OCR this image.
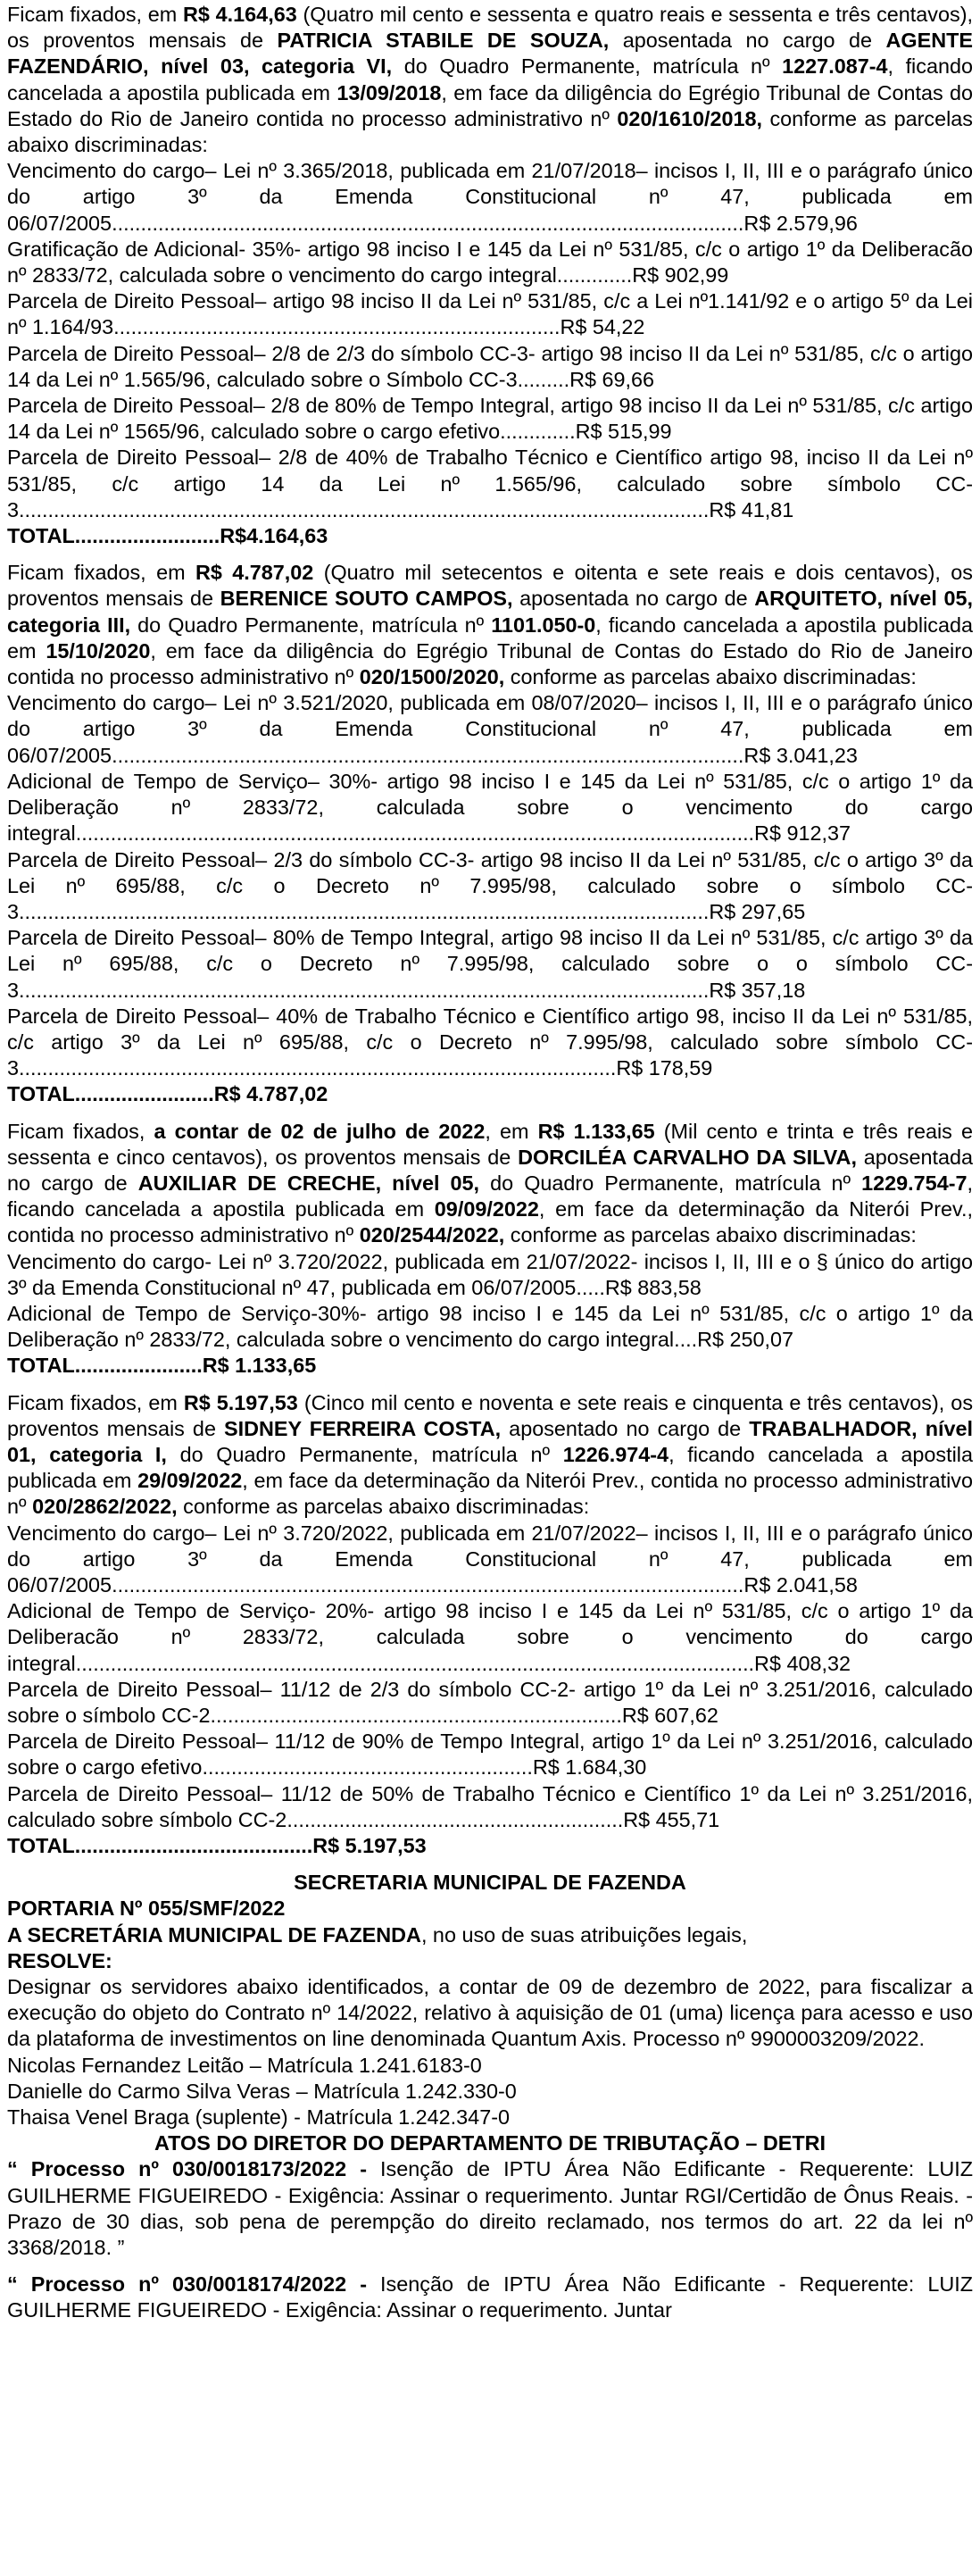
Ficam fixados, em R$ 4.164,63 (Quatro mil cento e sessenta e quatro reais e sessenta e três centavos), os proventos mensais de PATRICIA STABILE DE SOUZA, aposentada no cargo de AGENTE FAZENDÁRIO, nível 03, categoria VI, do Quadro Permanente, matrícula nº 1227.087-4, ficando cancelada a apostila publicada em 13/09/2018, em face da diligência do Egrégio Tribunal de Contas do Estado do Rio de Janeiro contida no processo administrativo nº 020/1610/2018, conforme as parcelas abaixo discriminadas:

Vencimento do cargo– Lei nº 3.365/2018, publicada em 21/07/2018– incisos I, II, III e o parágrafo único do artigo 3º da Emenda Constitucional nº 47, publicada em 06/07/2005.............................................................................................................R$ 2.579,96

Gratificação de Adicional- 35%- artigo 98 inciso I e 145 da Lei nº 531/85, c/c o artigo 1º da Deliberacão nº 2833/72, calculada sobre o vencimento do cargo integral.............R$ 902,99

Parcela de Direito Pessoal– artigo 98 inciso II da Lei nº 531/85, c/c a Lei nº1.141/92 e o artigo 5º da Lei nº 1.164/93.............................................................................R$ 54,22

Parcela de Direito Pessoal– 2/8 de 2/3 do símbolo CC-3- artigo 98 inciso II da Lei nº 531/85, c/c o artigo 14 da Lei nº 1.565/96, calculado sobre o Símbolo CC-3.........R$ 69,66

Parcela de Direito Pessoal– 2/8 de 80% de Tempo Integral, artigo 98 inciso II da Lei nº 531/85, c/c artigo 14 da Lei nº 1565/96, calculado sobre o cargo efetivo.............R$ 515,99

Parcela de Direito Pessoal– 2/8 de 40% de Trabalho Técnico e Científico artigo 98, inciso II da Lei nº 531/85, c/c artigo 14 da Lei nº 1.565/96, calculado sobre símbolo CC-3.......................................................................................................................R$ 41,81

TOTAL.........................R$4.164,63

Ficam fixados, em R$ 4.787,02 (Quatro mil setecentos e oitenta e sete reais e dois centavos), os proventos mensais de BERENICE SOUTO CAMPOS, aposentada no cargo de ARQUITETO, nível 05, categoria III, do Quadro Permanente, matrícula nº 1101.050-0, ficando cancelada a apostila publicada em 15/10/2020, em face da diligência do Egrégio Tribunal de Contas do Estado do Rio de Janeiro contida no processo administrativo nº 020/1500/2020, conforme as parcelas abaixo discriminadas:

Vencimento do cargo– Lei nº 3.521/2020, publicada em 08/07/2020– incisos I, II, III e o parágrafo único do artigo 3º da Emenda Constitucional nº 47, publicada em 06/07/2005.............................................................................................................R$ 3.041,23

Adicional de Tempo de Serviço– 30%- artigo 98 inciso I e 145 da Lei nº 531/85, c/c o artigo 1º da Deliberação nº 2833/72, calculada sobre o vencimento do cargo integral.....................................................................................................................R$ 912,37

Parcela de Direito Pessoal– 2/3 do símbolo CC-3- artigo 98 inciso II da Lei nº 531/85, c/c o artigo 3º da Lei nº 695/88, c/c o Decreto nº 7.995/98, calculado sobre o símbolo CC-3.......................................................................................................................R$ 297,65

Parcela de Direito Pessoal– 80% de Tempo Integral, artigo 98 inciso II da Lei nº 531/85, c/c artigo 3º da Lei nº 695/88, c/c o Decreto nº 7.995/98, calculado sobre o o símbolo CC-3.......................................................................................................................R$ 357,18

Parcela de Direito Pessoal– 40% de Trabalho Técnico e Científico artigo 98, inciso II da Lei nº 531/85, c/c artigo 3º da Lei nº 695/88, c/c o Decreto nº 7.995/98, calculado sobre símbolo CC-3.......................................................................................................R$ 178,59

TOTAL........................R$ 4.787,02

Ficam fixados, a contar de 02 de julho de 2022, em R$ 1.133,65 (Mil cento e trinta e três reais e sessenta e cinco centavos), os proventos mensais de DORCILÉA CARVALHO DA SILVA, aposentada no cargo de AUXILIAR DE CRECHE, nível 05, do Quadro Permanente, matrícula nº 1229.754-7, ficando cancelada a apostila publicada em 09/09/2022, em face da determinação da Niterói Prev., contida no processo administrativo nº 020/2544/2022, conforme as parcelas abaixo discriminadas:

Vencimento do cargo- Lei nº 3.720/2022, publicada em 21/07/2022- incisos I, II, III e o § único do artigo 3º da Emenda Constitucional nº 47, publicada em 06/07/2005.....R$ 883,58

Adicional de Tempo de Serviço-30%- artigo 98 inciso I e 145 da Lei nº 531/85, c/c o artigo 1º da Deliberação nº 2833/72, calculada sobre o vencimento do cargo integral....R$ 250,07

TOTAL......................R$ 1.133,65

Ficam fixados, em R$ 5.197,53 (Cinco mil cento e noventa e sete reais e cinquenta e três centavos), os proventos mensais de SIDNEY FERREIRA COSTA, aposentado no cargo de TRABALHADOR, nível 01, categoria I, do Quadro Permanente, matrícula nº 1226.974-4, ficando cancelada a apostila publicada em 29/09/2022, em face da determinação da Niterói Prev., contida no processo administrativo nº 020/2862/2022, conforme as parcelas abaixo discriminadas:

Vencimento do cargo– Lei nº 3.720/2022, publicada em 21/07/2022– incisos I, II, III e o parágrafo único do artigo 3º da Emenda Constitucional nº 47, publicada em 06/07/2005.............................................................................................................R$ 2.041,58

Adicional de Tempo de Serviço- 20%- artigo 98 inciso I e 145 da Lei nº 531/85, c/c o artigo 1º da Deliberacão nº 2833/72, calculada sobre o vencimento do cargo integral.....................................................................................................................R$ 408,32

Parcela de Direito Pessoal– 11/12 de 2/3 do símbolo CC-2- artigo 1º da Lei nº 3.251/2016, calculado sobre o símbolo CC-2.......................................................................R$ 607,62

Parcela de Direito Pessoal– 11/12 de 90% de Tempo Integral, artigo 1º da Lei nº 3.251/2016, calculado sobre o cargo efetivo.........................................................R$ 1.684,30

Parcela de Direito Pessoal– 11/12 de 50% de Trabalho Técnico e Científico 1º da Lei nº 3.251/2016, calculado sobre símbolo CC-2..........................................................R$ 455,71

TOTAL.........................................R$ 5.197,53

SECRETARIA MUNICIPAL DE FAZENDA

PORTARIA Nº 055/SMF/2022

A SECRETÁRIA MUNICIPAL DE FAZENDA, no uso de suas atribuições legais,

RESOLVE:

Designar os servidores abaixo identificados, a contar de 09 de dezembro de 2022, para fiscalizar a execução do objeto do Contrato nº 14/2022, relativo à aquisição de 01 (uma) licença para acesso e uso da plataforma de investimentos on line denominada Quantum Axis. Processo nº 9900003209/2022.

Nicolas Fernandez Leitão – Matrícula 1.241.6183-0

Danielle do Carmo Silva Veras – Matrícula 1.242.330-0

Thaisa Venel Braga (suplente) - Matrícula 1.242.347-0

ATOS DO DIRETOR DO DEPARTAMENTO DE TRIBUTAÇÃO – DETRI

“ Processo nº 030/0018173/2022 - Isenção de IPTU Área Não Edificante - Requerente: LUIZ GUILHERME FIGUEIREDO - Exigência: Assinar o requerimento. Juntar RGI/Certidão de Ônus Reais. - Prazo de 30 dias, sob pena de perempção do direito reclamado, nos termos do art. 22 da lei nº 3368/2018. ”

“ Processo nº 030/0018174/2022 - Isenção de IPTU Área Não Edificante - Requerente: LUIZ GUILHERME FIGUEIREDO - Exigência: Assinar o requerimento. Juntar
